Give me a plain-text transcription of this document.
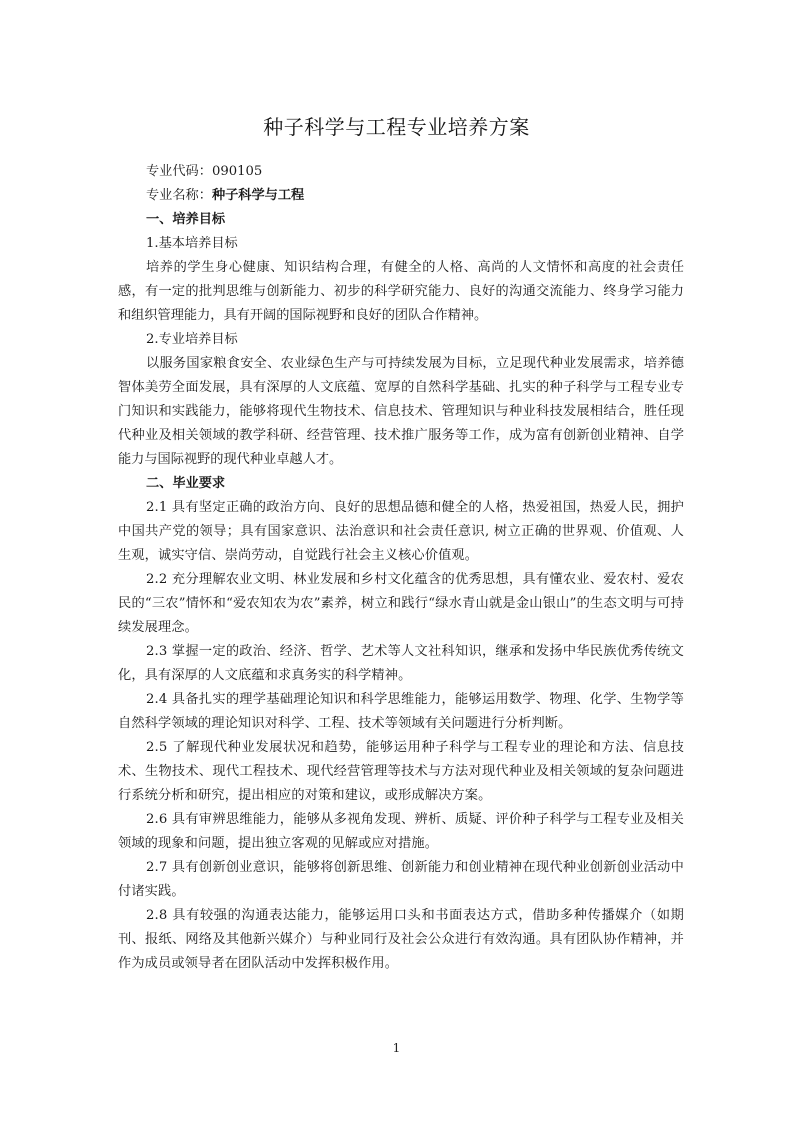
种子科学与工程专业培养方案
专业代码：090105
专业名称：种子科学与工程
一、培养目标
1.基本培养目标

培养的学生身心健康、知识结构合理，有健全的人格、高尚的人文情怀和高度的社会责任感，有一定的批判思维与创新能力、初步的科学研究能力、良好的沟通交流能力、终身学习能力和组织管理能力，具有开阔的国际视野和良好的团队合作精神。

2.专业培养目标

以服务国家粮食安全、农业绿色生产与可持续发展为目标，立足现代种业发展需求，培养德智体美劳全面发展，具有深厚的人文底蕴、宽厚的自然科学基础、扎实的种子科学与工程专业专门知识和实践能力，能够将现代生物技术、信息技术、管理知识与种业科技发展相结合，胜任现代种业及相关领域的教学科研、经营管理、技术推广服务等工作，成为富有创新创业精神、自学能力与国际视野的现代种业卓越人才。

二、毕业要求

2.1 具有坚定正确的政治方向、良好的思想品德和健全的人格，热爱祖国，热爱人民，拥护中国共产党的领导；具有国家意识、法治意识和社会责任意识, 树立正确的世界观、价值观、人生观，诚实守信、崇尚劳动，自觉践行社会主义核心价值观。

2.2 充分理解农业文明、林业发展和乡村文化蕴含的优秀思想，具有懂农业、爱农村、爱农民的“三农”情怀和“爱农知农为农”素养，树立和践行“绿水青山就是金山银山”的生态文明与可持续发展理念。

2.3 掌握一定的政治、经济、哲学、艺术等人文社科知识，继承和发扬中华民族优秀传统文化，具有深厚的人文底蕴和求真务实的科学精神。

2.4 具备扎实的理学基础理论知识和科学思维能力，能够运用数学、物理、化学、生物学等自然科学领域的理论知识对科学、工程、技术等领域有关问题进行分析判断。

2.5 了解现代种业发展状况和趋势，能够运用种子科学与工程专业的理论和方法、信息技术、生物技术、现代工程技术、现代经营管理等技术与方法对现代种业及相关领域的复杂问题进行系统分析和研究，提出相应的对策和建议，或形成解决方案。

2.6 具有审辨思维能力，能够从多视角发现、辨析、质疑、评价种子科学与工程专业及相关领域的现象和问题，提出独立客观的见解或应对措施。

2.7 具有创新创业意识，能够将创新思维、创新能力和创业精神在现代种业创新创业活动中付诸实践。

2.8 具有较强的沟通表达能力，能够运用口头和书面表达方式，借助多种传播媒介（如期刊、报纸、网络及其他新兴媒介）与种业同行及社会公众进行有效沟通。具有团队协作精神，并作为成员或领导者在团队活动中发挥积极作用。

1
